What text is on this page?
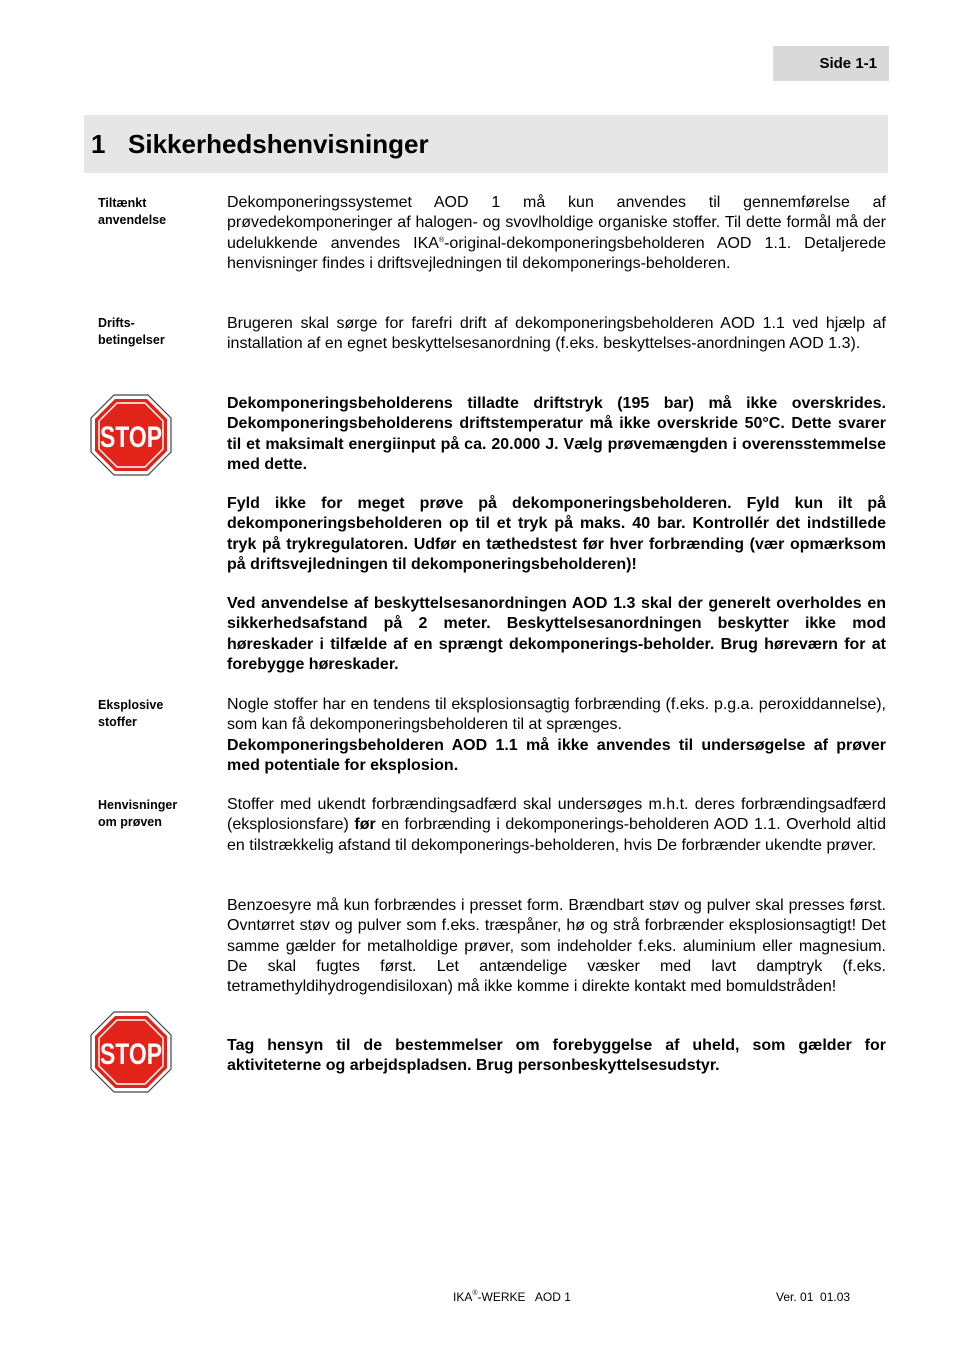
Side 1-1
1 Sikkerhedshenvisninger
Tiltænkt
anvendelse
Drifts-
betingelser
Eksplosive
stoffer
Henvisninger
om prøven
Dekomponeringssystemet AOD 1 må kun anvendes til gennemførelse af prøvedekomponeringer af halogen- og svovlholdige organiske stoffer. Til dette formål må der udelukkende anvendes IKA®-original-dekomponeringsbeholderen AOD 1.1. Detaljerede henvisninger findes i driftsvejledningen til dekomponerings-beholderen.
Brugeren skal sørge for farefri drift af dekomponeringsbeholderen AOD 1.1 ved hjælp af installation af en egnet beskyttelsesanordning (f.eks. beskyttelses-anordningen AOD 1.3).
Dekomponeringsbeholderens tilladte driftstryk (195 bar) må ikke overskrides. Dekomponeringsbeholderens driftstemperatur må ikke overskride 50°C. Dette svarer til et maksimalt energiinput på ca. 20.000 J. Vælg prøvemængden i overensstemmelse med dette.
Fyld ikke for meget prøve på dekomponeringsbeholderen. Fyld kun ilt på dekomponeringsbeholderen op til et tryk på maks. 40 bar. Kontrollér det indstillede tryk på trykregulatoren. Udfør en tæthedstest før hver forbrænding (vær opmærksom på driftsvejledningen til dekomponeringsbeholderen)!
Ved anvendelse af beskyttelsesanordningen AOD 1.3 skal der generelt overholdes en sikkerhedsafstand på 2 meter. Beskyttelsesanordningen beskytter ikke mod høreskader i tilfælde af en sprængt dekomponerings-beholder. Brug høreværn for at forebygge høreskader.
Nogle stoffer har en tendens til eksplosionsagtig forbrænding (f.eks. p.g.a. peroxiddannelse), som kan få dekomponeringsbeholderen til at sprænges.
Dekomponeringsbeholderen AOD 1.1 må ikke anvendes til undersøgelse af prøver med potentiale for eksplosion.
Stoffer med ukendt forbrændingsadfærd skal undersøges m.h.t. deres forbrændingsadfærd (eksplosionsfare) før en forbrænding i dekomponerings-beholderen AOD 1.1. Overhold altid en tilstrækkelig afstand til dekomponerings-beholderen, hvis De forbrænder ukendte prøver.
Benzoesyre må kun forbrændes i presset form. Brændbart støv og pulver skal presses først. Ovntørret støv og pulver som f.eks. træspåner, hø og strå forbrænder eksplosionsagtigt! Det samme gælder for metalholdige prøver, som indeholder f.eks. aluminium eller magnesium. De skal fugtes først. Let antændelige væsker med lavt damptryk (f.eks. tetramethyldihydrogendisiloxan) må ikke komme i direkte kontakt med bomuldstråden!
Tag hensyn til de bestemmelser om forebyggelse af uheld, som gælder for aktiviteterne og arbejdspladsen. Brug personbeskyttelsesudstyr.
STOP
STOP
IKA®-WERKE   AOD 1	Ver. 01  01.03
